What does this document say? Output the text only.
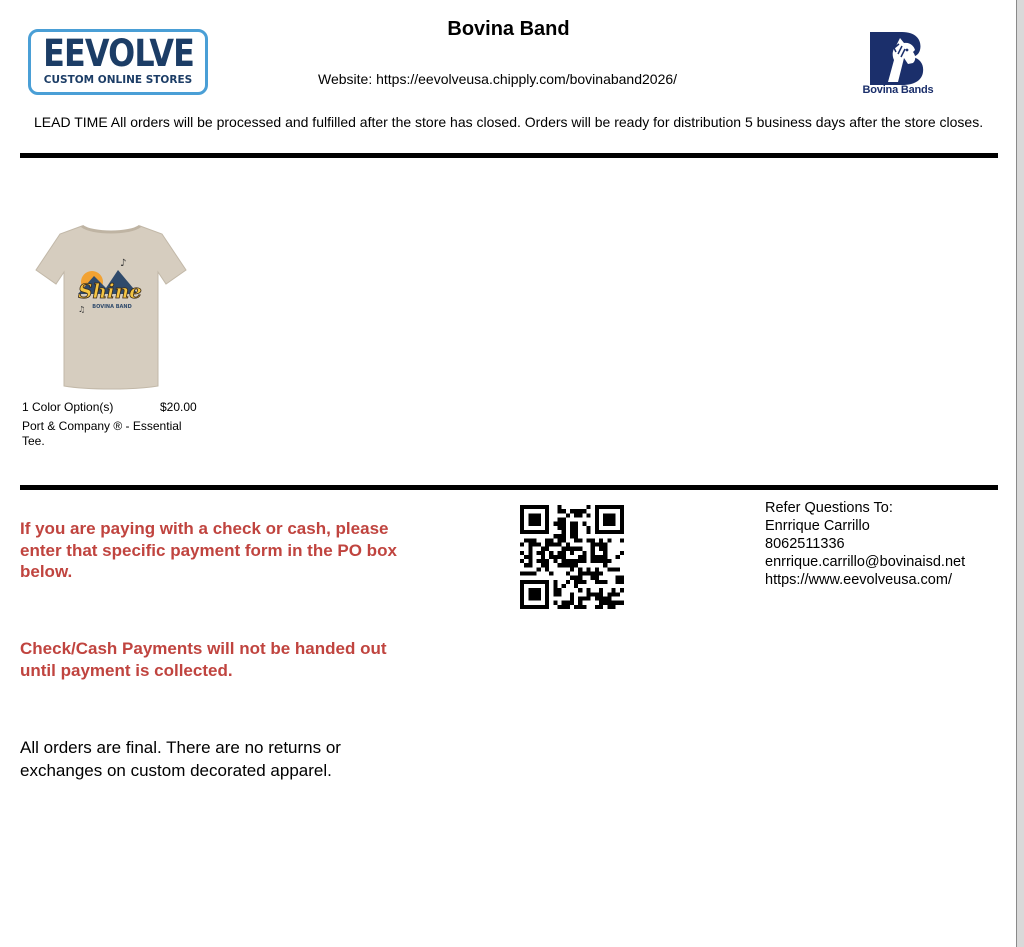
EEVOLVE
CUSTOM ONLINE STORES
Bovina Band
Website: https://eevolveusa.chipply.com/bovinaband2026/
Bovina Bands
LEAD TIME All orders will be processed and fulfilled after the store has closed. Orders will be ready for distribution 5 business days after the store closes.
♪
♫
Shine
BOVINA BAND
1 Color Option(s)	$20.00
Port & Company ® - Essential Tee.
If you are paying with a check or cash, please enter that specific payment form in the PO box below.
Check/Cash Payments will not be handed out until payment is collected.
All orders are final. There are no returns or exchanges on custom decorated apparel.
Refer Questions To:
Enrrique Carrillo
8062511336
enrrique.carrillo@bovinaisd.net
https://www.eevolveusa.com/
